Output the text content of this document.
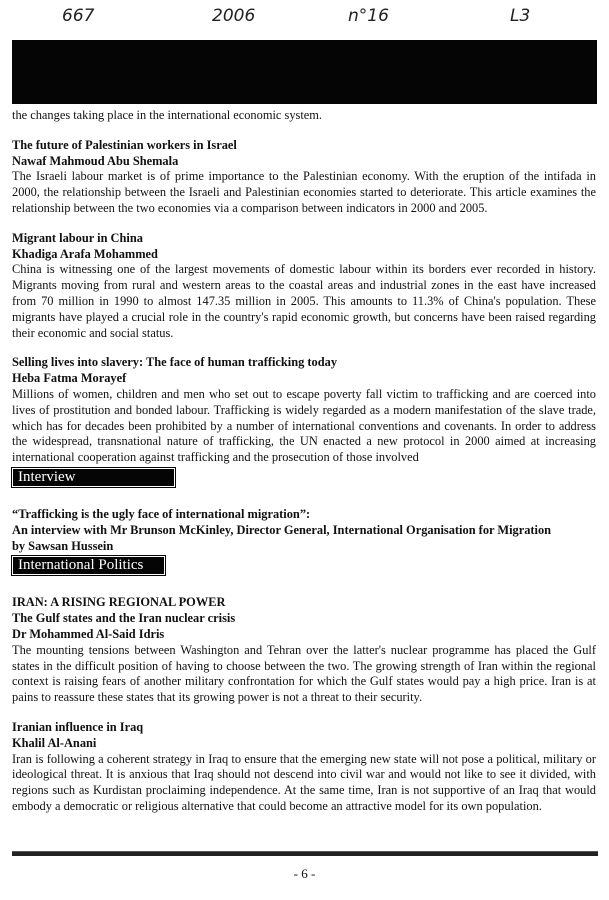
667	2006	n°16	L3

the changes taking place in the international economic system.

The future of Palestinian workers in Israel

Nawaf Mahmoud Abu Shemala

The Israeli labour market is of prime importance to the Palestinian economy. With the eruption of the intifada in 2000, the relationship between the Israeli and Palestinian economies started to deteriorate. This article examines the relationship between the two economies via a comparison between indicators in 2000 and 2005.

Migrant labour in China

Khadiga Arafa Mohammed

China is witnessing one of the largest movements of domestic labour within its borders ever recorded in history. Migrants moving from rural and western areas to the coastal areas and industrial zones in the east have increased from 70 million in 1990 to almost 147.35 million in 2005. This amounts to 11.3% of China's population. These migrants have played a crucial role in the country's rapid economic growth, but concerns have been raised regarding their economic and social status.

Selling lives into slavery: The face of human trafficking today

Heba Fatma Morayef

Millions of women, children and men who set out to escape poverty fall victim to trafficking and are coerced into lives of prostitution and bonded labour. Trafficking is widely regarded as a modern manifestation of the slave trade, which has for decades been prohibited by a number of international conventions and covenants. In order to address the widespread, transnational nature of trafficking, the UN enacted a new protocol in 2000 aimed at increasing international cooperation against trafficking and the prosecution of those involved

Interview

“Trafficking is the ugly face of international migration”:

An interview with Mr Brunson McKinley, Director General, International Organisation for Migration

by Sawsan Hussein

International Politics

IRAN: A RISING REGIONAL POWER

The Gulf states and the Iran nuclear crisis

Dr Mohammed Al-Said Idris

The mounting tensions between Washington and Tehran over the latter's nuclear programme has placed the Gulf states in the difficult position of having to choose between the two. The growing strength of Iran within the regional context is raising fears of another military confrontation for which the Gulf states would pay a high price. Iran is at pains to reassure these states that its growing power is not a threat to their security.

Iranian influence in Iraq

Khalil Al-Anani

Iran is following a coherent strategy in Iraq to ensure that the emerging new state will not pose a political, military or ideological threat. It is anxious that Iraq should not descend into civil war and would not like to see it divided, with regions such as Kurdistan proclaiming independence. At the same time, Iran is not supportive of an Iraq that would embody a democratic or religious alternative that could become an attractive model for its own population.

- 6 -
